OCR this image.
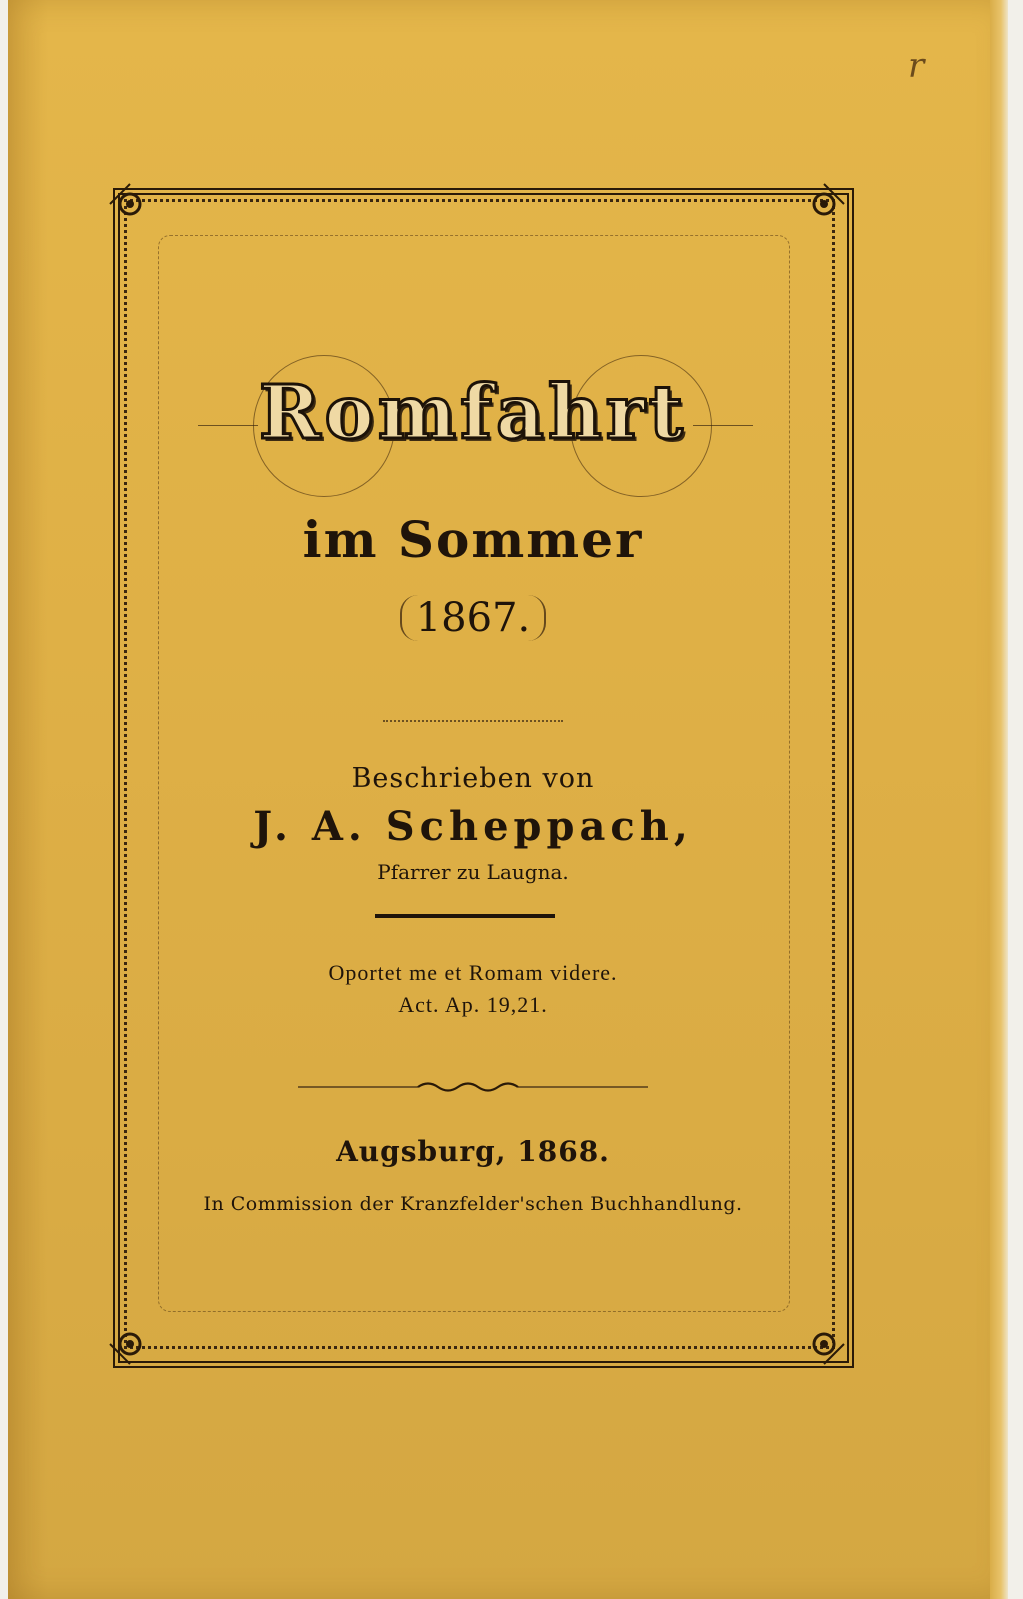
r
Romfahrt
im Sommer
1867.
Beschrieben von
J. A. Scheppach,
Pfarrer zu Laugna.
Oportet me et Romam videre.
Act. Ap. 19,21.
Augsburg, 1868.
In Commission der Kranzfelder'schen Buchhandlung.
